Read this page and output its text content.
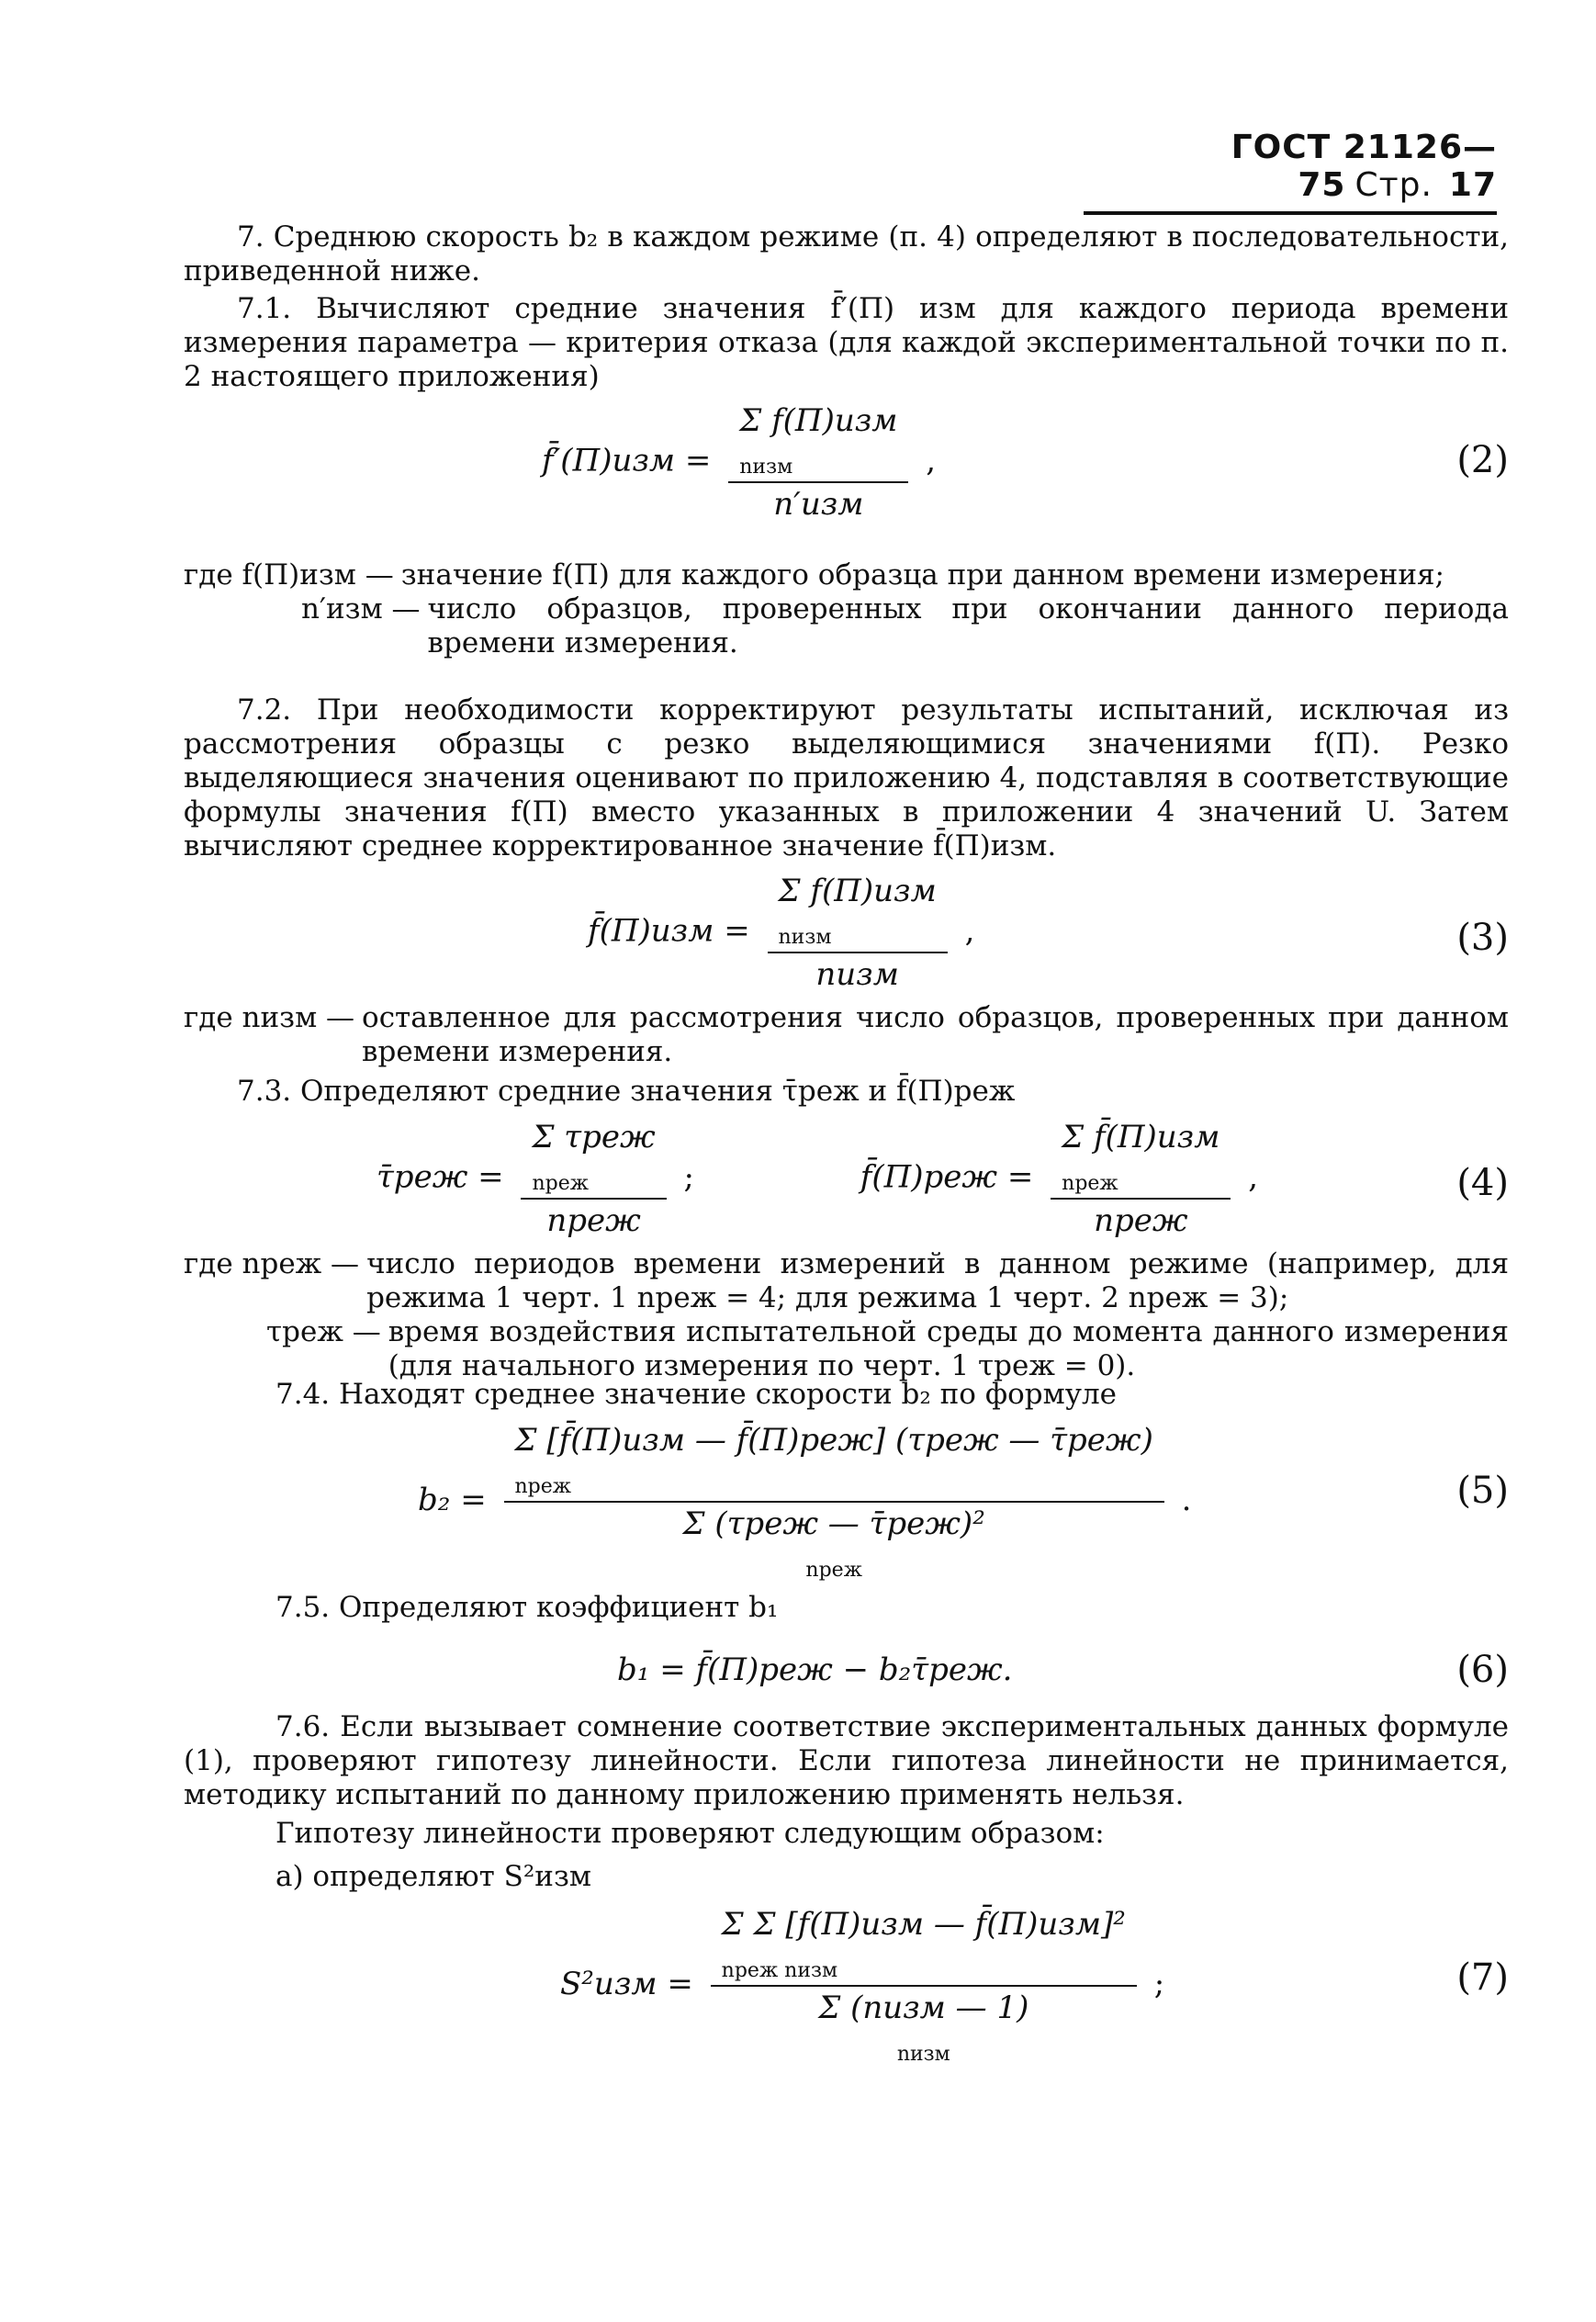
ГОСТ 21126—75 Стр. 17
7. Среднюю скорость b₂ в каждом режиме (п. 4) определяют в последовательности, приведенной ниже.
7.1. Вычисляют средние значения f̄′(П) изм для каждого периода времени измерения параметра — критерия отказа (для каждой экспериментальной точки по п. 2 настоящего приложения)
f̄′(П)изм =
Σ f(П)изм
$_{nизм}$
n′изм
,	(2)
где f(П)изм — значение f(П) для каждого образца при данном времени измерения;
n′изм — число образцов, проверенных при окончании данного периода времени измерения.
7.2. При необходимости корректируют результаты испытаний, исключая из рассмотрения образцы с резко выделяющимися значениями f(П). Резко выделяющиеся значения оценивают по приложению 4, подставляя в соответствующие формулы значения f(П) вместо указанных в приложении 4 значений U. Затем вычисляют среднее корректированное значение f̄(П)изм.
f̄(П)изм =
Σ f(П)изм
$_{nизм}$
nизм
,	(3)
где nизм — оставленное для рассмотрения число образцов, проверенных при данном времени измерения.
7.3. Определяют средние значения τ̄реж и f̄(П)реж
τ̄реж =
Σ τреж
$_{nреж}$
nреж
;	f̄(П)реж =
Σ f̄(П)изм
$_{nреж}$
nреж
,	(4)
где nреж — число периодов времени измерений в данном режиме (например, для режима 1 черт. 1 nреж = 4; для режима 1 черт. 2 nреж = 3);
τреж — время воздействия испытательной среды до момента данного измерения (для начального измерения по черт. 1 τреж = 0).
7.4. Находят среднее значение скорости b₂ по формуле
b₂ =
Σ [f̄(П)изм — f̄(П)реж] (τреж — τ̄реж)
$_{nреж}$
Σ (τреж — τ̄реж)²
$_{nреж}$
.	(5)
7.5. Определяют коэффициент b₁
b₁ = f̄(П)реж − b₂τ̄реж.	(6)
7.6. Если вызывает сомнение соответствие экспериментальных данных формуле (1), проверяют гипотезу линейности. Если гипотеза линейности не принимается, методику испытаний по данному приложению применять нельзя.
Гипотезу линейности проверяют следующим образом:
а) определяют S²изм
S²изм =
Σ Σ [f(П)изм — f̄(П)изм]²
$_{nреж nизм}$
Σ (nизм — 1)
$_{nизм}$
;	(7)
